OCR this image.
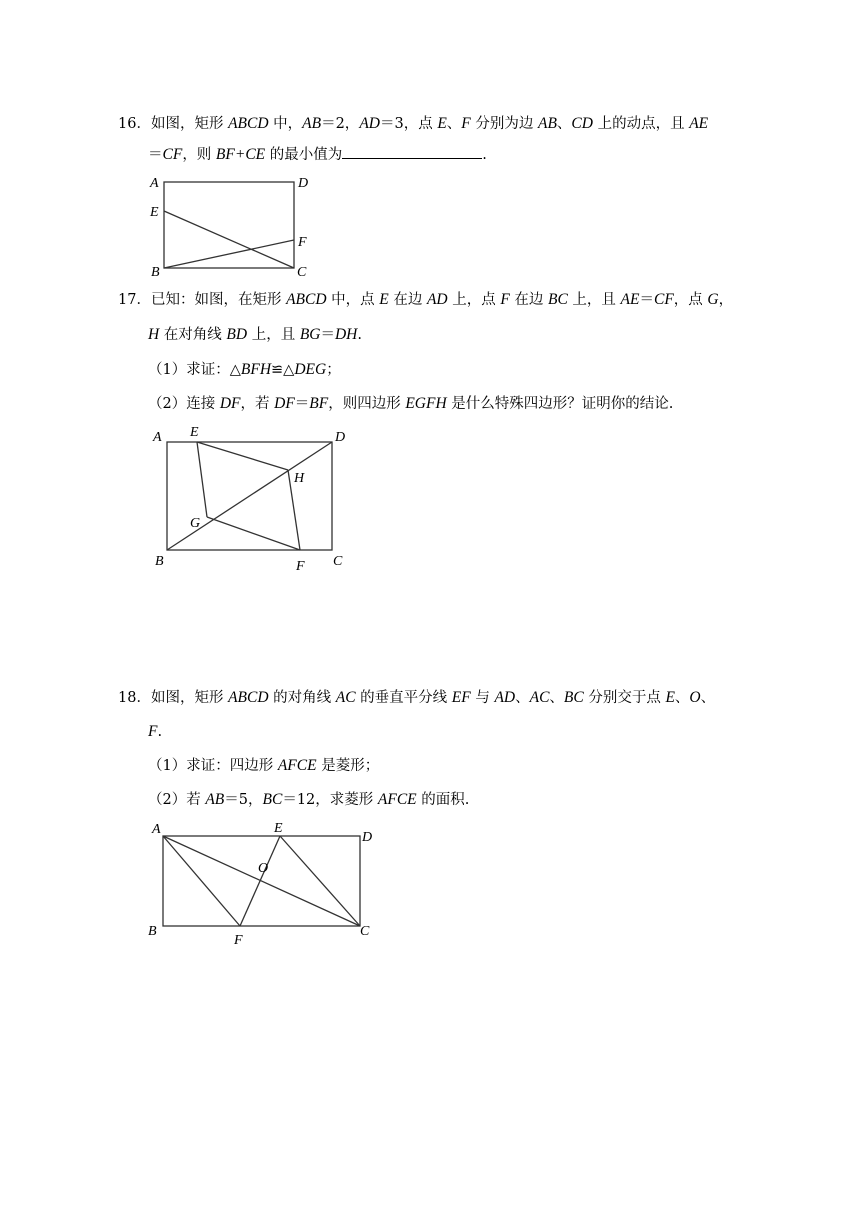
16．如图，矩形 ABCD 中，AB＝2，AD＝3，点 E、F 分别为边 AB、CD 上的动点，且 AE
＝CF，则 BF+CE 的最小值为	.
A	D
E
F
B	C
17．已知：如图，在矩形 ABCD 中，点 E 在边 AD 上，点 F 在边 BC 上，且 AE＝CF，点 G，
H 在对角线 BD 上，且 BG＝DH.
（1）求证：△BFH≌△DEG；
（2）连接 DF，若 DF＝BF，则四边形 EGFH 是什么特殊四边形？证明你的结论.
A E	D
H
G
B	F C
18．如图，矩形 ABCD 的对角线 AC 的垂直平分线 EF 与 AD、AC、BC 分别交于点 E、O、
F.
（1）求证：四边形 AFCE 是菱形；
（2）若 AB＝5，BC＝12，求菱形 AFCE 的面积.
A	E
D
O
B
F
C
